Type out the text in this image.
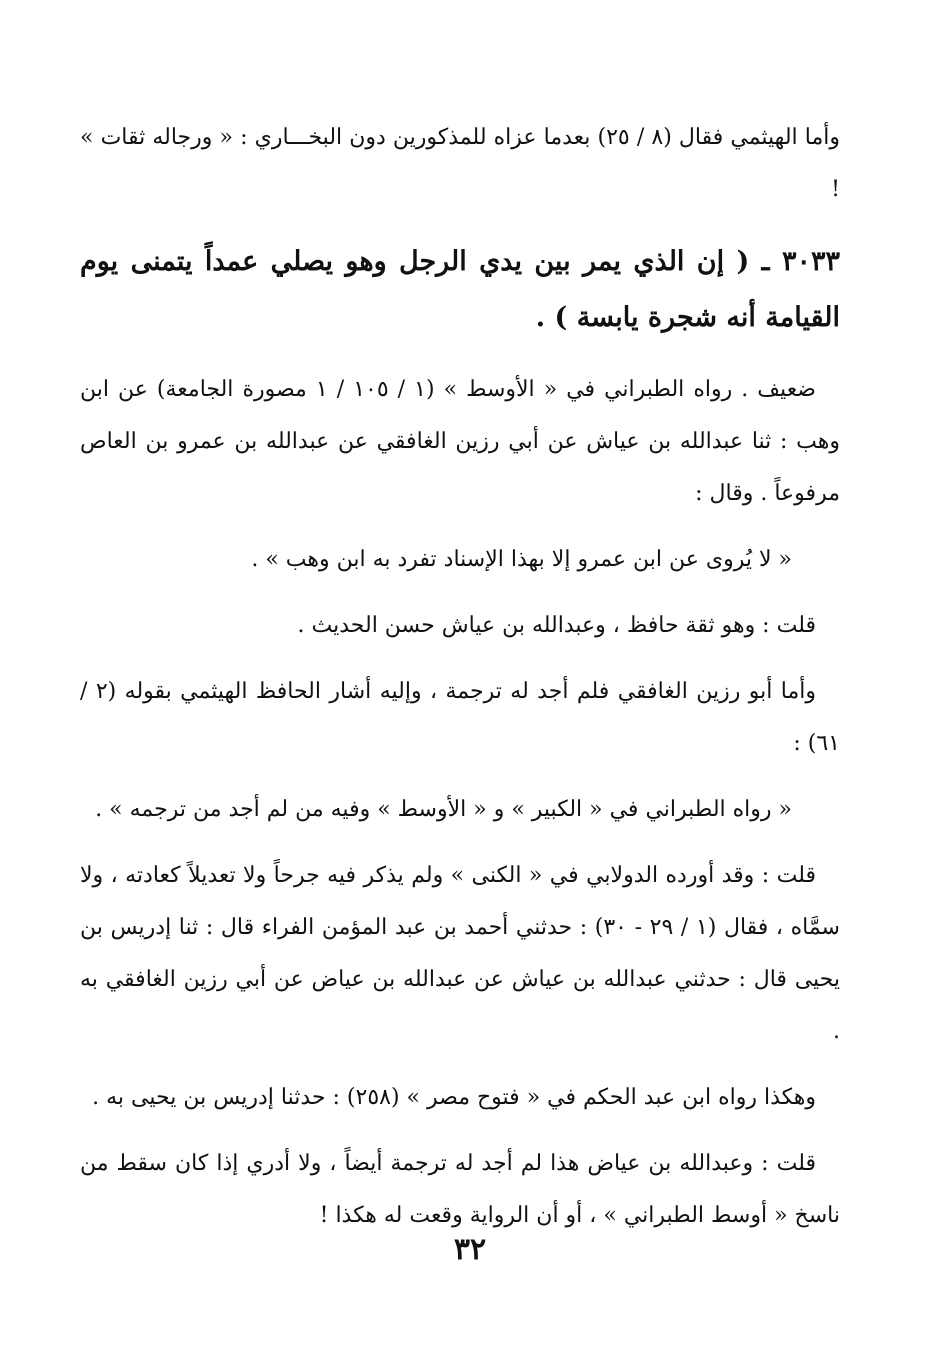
وأما الهيثمي فقال (٨ / ٢٥) بعدما عزاه للمذكورين دون البخـــاري : « ورجاله ثقات » !

٣٠٣٣ ـ ( إن الذي يمر بين يدي الرجل وهو يصلي عمداً يتمنى يوم القيامة أنه شجرة يابسة ) .

ضعيف . رواه الطبراني في « الأوسط » (١ / ١٠٥ / ١ مصورة الجامعة) عن ابن وهب : ثنا عبدالله بن عياش عن أبي رزين الغافقي عن عبدالله بن عمرو بن العاص مرفوعاً . وقال :

« لا يُروى عن ابن عمرو إلا بهذا الإسناد تفرد به ابن وهب » .

قلت : وهو ثقة حافظ ، وعبدالله بن عياش حسن الحديث .

وأما أبو رزين الغافقي فلم أجد له ترجمة ، وإليه أشار الحافظ الهيثمي بقوله (٢ / ٦١) :

« رواه الطبراني في « الكبير » و « الأوسط » وفيه من لم أجد من ترجمه » .

قلت : وقد أورده الدولابي في « الكنى » ولم يذكر فيه جرحاً ولا تعديلاً كعادته ، ولا سمَّاه ، فقال (١ / ٢٩ - ٣٠) : حدثني أحمد بن عبد المؤمن الفراء قال : ثنا إدريس بن يحيى قال : حدثني عبدالله بن عياش عن عبدالله بن عياض عن أبي رزين الغافقي به .

وهكذا رواه ابن عبد الحكم في « فتوح مصر » (٢٥٨) : حدثنا إدريس بن يحيى به .

قلت : وعبدالله بن عياض هذا لم أجد له ترجمة أيضاً ، ولا أدري إذا كان سقط من ناسخ « أوسط الطبراني » ، أو أن الرواية وقعت له هكذا !

٣٢
